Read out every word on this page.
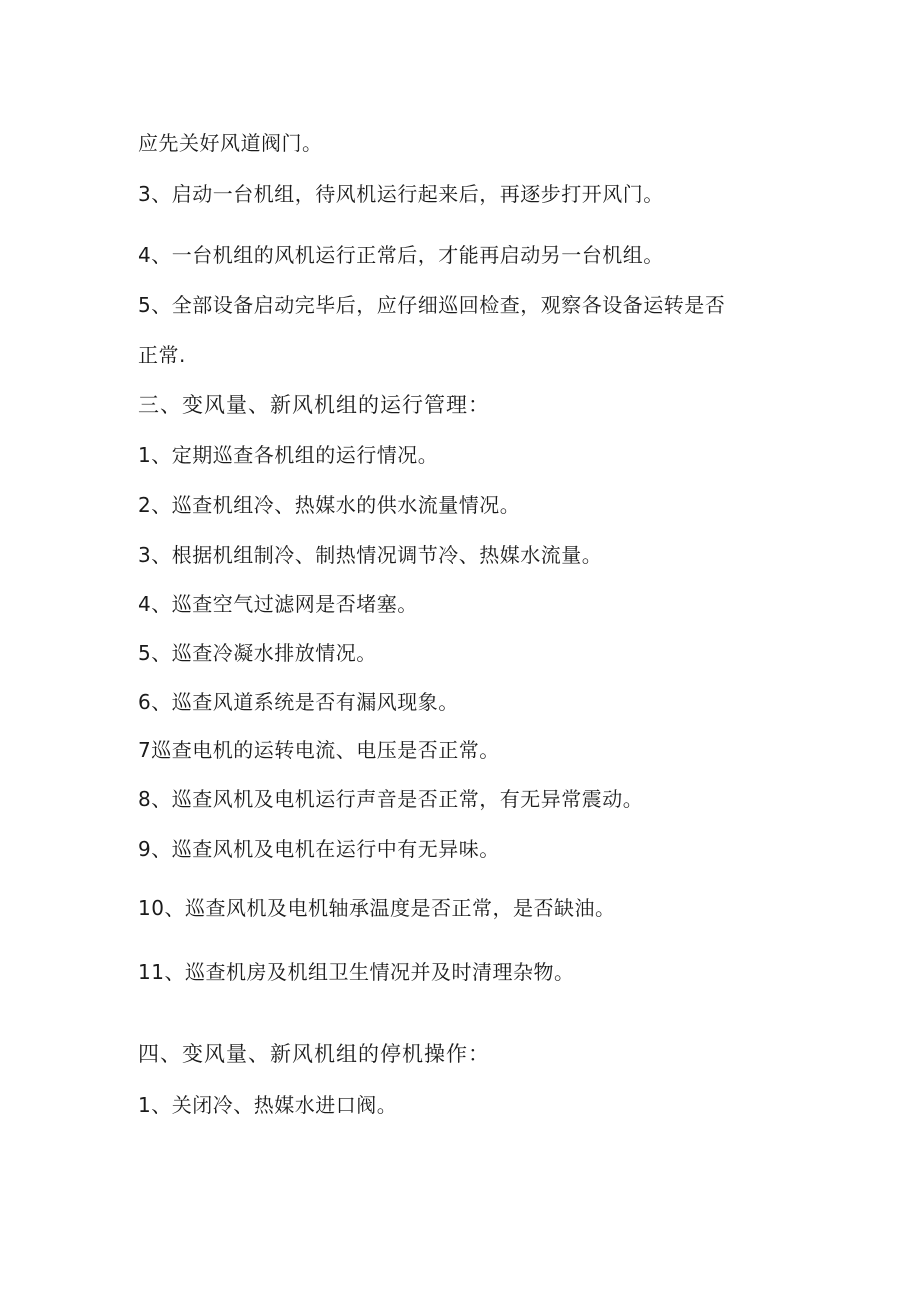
应先关好风道阀门。
3、启动一台机组，待风机运行起来后，再逐步打开风门。
4、一台机组的风机运行正常后，才能再启动另一台机组。
5、全部设备启动完毕后，应仔细巡回检查，观察各设备运转是否
正常.
三、变风量、新风机组的运行管理：
1、定期巡查各机组的运行情况。
2、巡查机组冷、热媒水的供水流量情况。
3、根据机组制冷、制热情况调节冷、热媒水流量。
4、巡查空气过滤网是否堵塞。
5、巡查冷凝水排放情况。
6、巡查风道系统是否有漏风现象。
7巡查电机的运转电流、电压是否正常。
8、巡查风机及电机运行声音是否正常，有无异常震动。
9、巡查风机及电机在运行中有无异味。
10、巡查风机及电机轴承温度是否正常，是否缺油。
11、巡查机房及机组卫生情况并及时清理杂物。
四、变风量、新风机组的停机操作：
1、关闭冷、热媒水进口阀。
